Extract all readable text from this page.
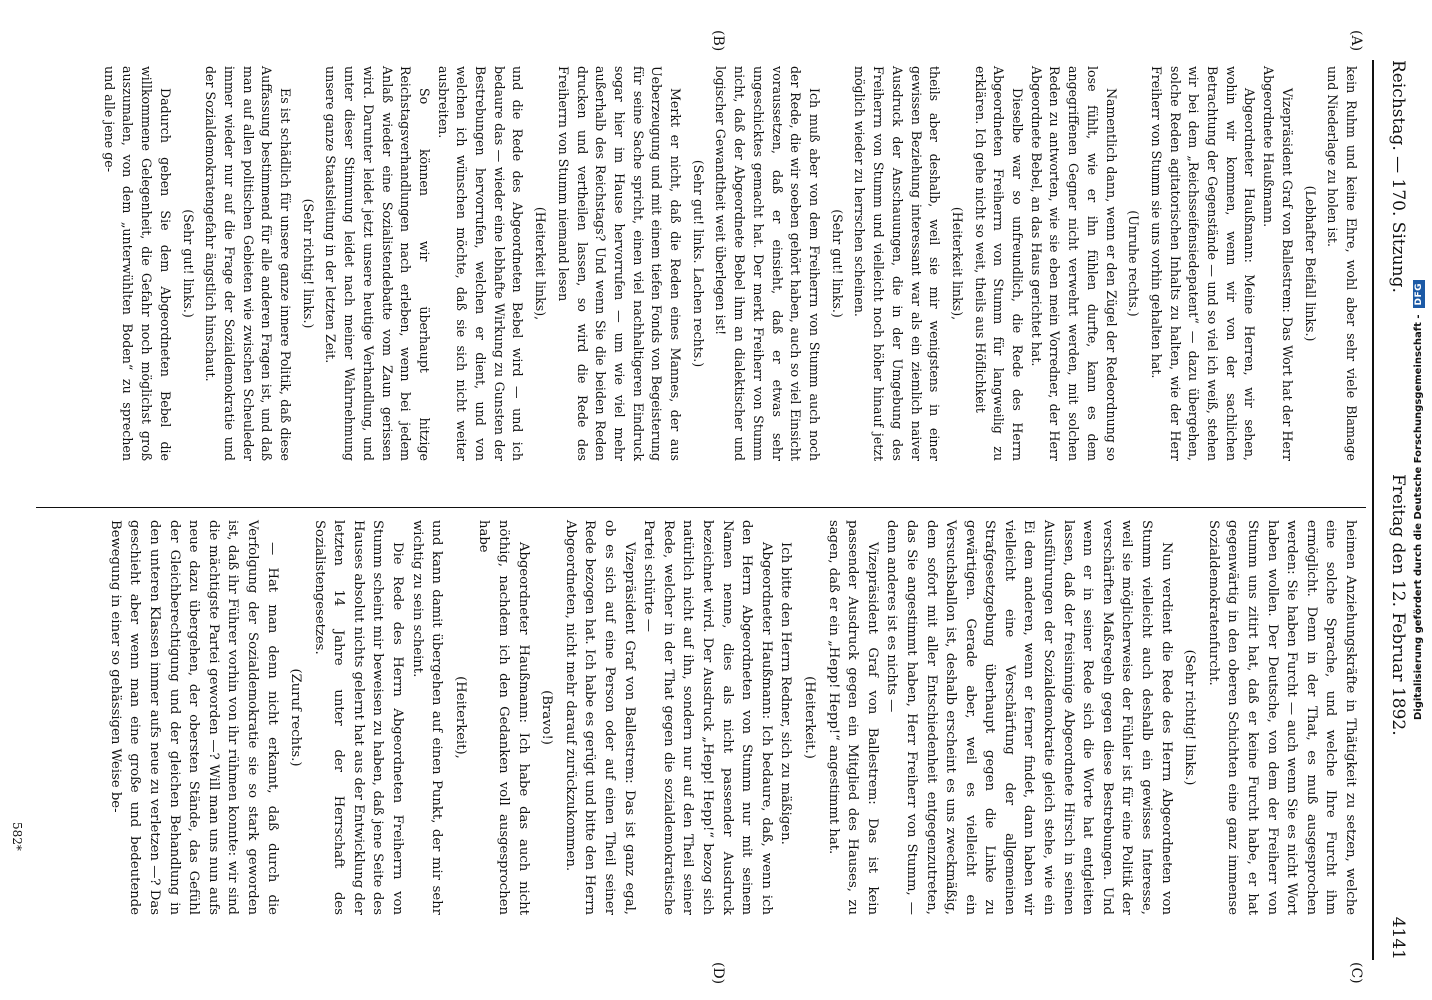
Reichstag. — 170. Sitzung.
Freitag den 12. Februar 1892.
4141
(A)
(B)
(C)
(D)

kein Ruhm und keine Ehre, wohl aber sehr viele Blamage und Niederlage zu holen ist.

(Lebhafter Beifall links.)

Vizepräsident Graf von Ballestrem: Das Wort hat der Herr Abgeordnete Haußmann.

Abgeordneter Haußmann: Meine Herren, wir sehen, wohin wir kommen, wenn wir von der sachlichen Betrachtung der Gegenstände — und so viel ich weiß, stehen wir bei dem „Reichsseifensiedepatent“ — dazu übergehen, solche Reden agitatorischen Inhalts zu halten, wie der Herr Freiherr von Stumm sie uns vorhin gehalten hat.

(Unruhe rechts.)

Namentlich dann, wenn er den Zügel der Redeordnung so lose fühlt, wie er ihn fühlen durfte, kann es dem angegriffenen Gegner nicht verwehrt werden, mit solchen Reden zu antworten, wie sie eben mein Vorredner, der Herr Abgeordnete Bebel, an das Haus gerichtet hat.

Dieselbe war so unfreundlich, die Rede des Herrn Abgeordneten Freiherrn von Stumm für langweilig zu erklären. Ich gehe nicht so weit, theils aus Höflichkeit

(Heiterkeit links),

theils aber deshalb, weil sie mir wenigstens in einer gewissen Beziehung interessant war als ein ziemlich naiver Ausdruck der Anschauungen, die in der Umgebung des Freiherrn von Stumm und vielleicht noch höher hinauf jetzt möglich wieder zu herrschen scheinen.

(Sehr gut! links.)

Ich muß aber von dem Freiherrn von Stumm auch noch der Rede, die wir soeben gehört haben, auch so viel Einsicht voraussetzen, daß er einsieht, daß er etwas sehr ungeschicktes gemacht hat. Der merkt Freiherr von Stumm nicht, daß der Abgeordnete Bebel ihm an dialektischer und logischer Gewandtheit weit überlegen ist!

(Sehr gut! links. Lachen rechts.)

Merkt er nicht, daß die Reden eines Mannes, der aus Ueberzeugung und mit einem tiefen Fonds von Begeisterung für seine Sache spricht, einen viel nachhaltigeren Eindruck sogar hier im Hause hervorrufen — um wie viel mehr außerhalb des Reichstags? Und wenn Sie die beiden Reden drucken und vertheilen lassen, so wird die Rede des Freiherrn von Stumm niemand lesen

(Heiterkeit links),

und die Rede des Abgeordneten Bebel wird — und ich bedaure das — wieder eine lebhafte Wirkung zu Gunsten der Bestrebungen hervorrufen, welchen er dient, und von welchen ich wünschen möchte, daß sie sich nicht weiter ausbreiten.

So können wir überhaupt hitzige Reichstagsverhandlungen nach erleben, wenn bei jedem Anlaß wieder eine Sozialistendebatte vom Zaun gerissen wird. Darunter leidet jetzt unsere heutige Verhandlung, und unter dieser Stimmung leidet nach meiner Wahrnehmung unsere ganze Staatsleitung in der letzten Zeit.

(Sehr richtig! links.)

Es ist schädlich für unsere ganze innere Politik, daß diese Auffassung bestimmend für alle anderen Fragen ist, und daß man auf allen politischen Gebieten wie zwischen Scheuleder immer wieder nur auf die Frage der Sozialdemokratie und der Sozialdemokratengefahr ängstlich hinschaut.

(Sehr gut! links.)

Dadurch geben Sie dem Abgeordneten Bebel die willkommene Gelegenheit, die Gefahr noch möglichst groß auszumalen, von dem „unterwühlten Boden“ zu sprechen und alle jene ge-

heimen Anziehungskräfte in Thätigkeit zu setzen, welche eine solche Sprache, und welche Ihre Furcht ihm ermöglicht. Denn in der That, es muß ausgesprochen werden: Sie haben Furcht — auch wenn Sie es nicht Wort haben wollen. Der Deutsche, von dem der Freiherr von Stumm uns zitirt hat, daß er keine Furcht habe, er hat gegenwärtig in den oberen Schichten eine ganz immense Sozialdemokratenfurcht.

(Sehr richtig! links.)

Nun verdient die Rede des Herrn Abgeordneten von Stumm vielleicht auch deshalb ein gewisses Interesse, weil sie möglicherweise der Fühler ist für eine Politik der verschärften Maßregeln gegen diese Bestrebungen. Und wenn er in seiner Rede sich die Worte hat entgleiten lassen, daß der freisinnige Abgeordnete Hirsch in seinen Ausführungen der Sozialdemokratie gleich stehe, wie ein Ei dem anderen, wenn er ferner findet, dann haben wir vielleicht eine Verschärfung der allgemeinen Strafgesetzgebung überhaupt gegen die Linke zu gewärtigen. Gerade aber, weil es vielleicht ein Versuchsballon ist, deshalb erscheint es uns zweckmäßig, dem sofort mit aller Entschiedenheit entgegenzutreten, das Sie angestimmt haben, Herr Freiherr von Stumm, — denn anderes ist es nichts —

Vizepräsident Graf von Ballestrem: Das ist kein passender Ausdruck gegen ein Mitglied des Hauses, zu sagen, daß er ein „Hepp! Hepp!“ angestimmt hat.

(Heiterkeit.)

Ich bitte den Herrn Redner, sich zu mäßigen.

Abgeordneter Haußmann: Ich bedaure, daß, wenn ich den Herrn Abgeordneten von Stumm nur mit seinem Namen nenne, dies als nicht passender Ausdruck bezeichnet wird. Der Ausdruck „Hepp! Hepp!“ bezog sich natürlich nicht auf ihn, sondern nur auf den Theil seiner Rede, welcher in der That gegen die sozialdemokratische Partei schürte —

Vizepräsident Graf von Ballestrem: Das ist ganz egal, ob es sich auf eine Person oder auf einen Theil seiner Rede bezogen hat. Ich habe es gerügt und bitte den Herrn Abgeordneten, nicht mehr darauf zurückzukommen.

(Bravo!)

Abgeordneter Haußmann: Ich habe das auch nicht nöthig, nachdem ich den Gedanken voll ausgesprochen habe

(Heiterkeit),

und kann damit übergehen auf einen Punkt, der mir sehr wichtig zu sein scheint.

Die Rede des Herrn Abgeordneten Freiherrn von Stumm scheint mir beweisen zu haben, daß jene Seite des Hauses absolut nichts gelernt hat aus der Entwicklung der letzten 14 Jahre unter der Herrschaft des Sozialistengesetzes.

(Zuruf rechts.)

— Hat man denn nicht erkannt, daß durch die Verfolgung der Sozialdemokratie sie so stark geworden ist, daß ihr Führer vorhin von ihr rühmen konnte: wir sind die mächtigste Partei geworden —? Will man uns nun aufs neue dazu übergehen, der obersten Stände, das Gefühl der Gleichberechtigung und der gleichen Behandlung in den unteren Klassen immer aufs neue zu verletzen —? Das geschieht aber wenn man eine große und bedeutende Bewegung in einer so gehässigen Weise be-

582*
Digitalisierung gefördert durch die Deutsche Forschungsgemeinschaft -
DFG
